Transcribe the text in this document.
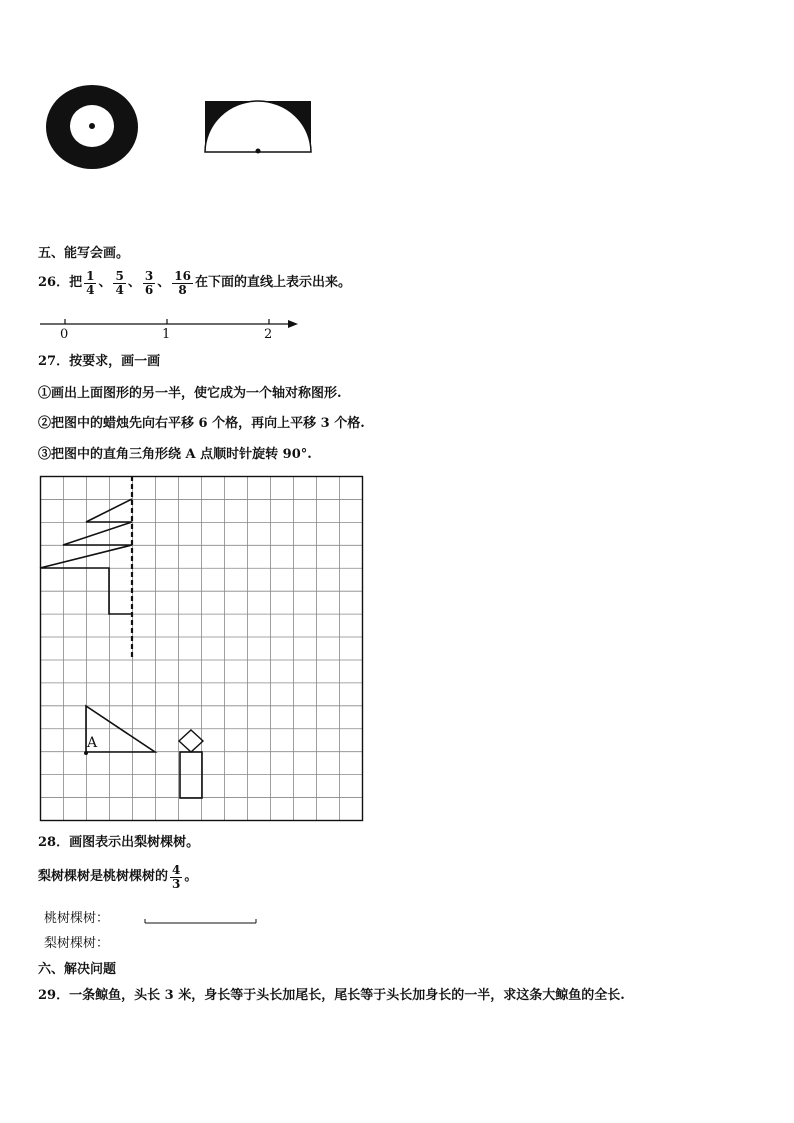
五、能写会画。
26． 把 $\frac{1}{4}$ 、 $\frac{5}{4}$ 、 $\frac{3}{6}$ 、 $\frac{16}{8}$ 在下面的直线上表示出来。
0	1	2
27．按要求，画一画
①画出上面图形的另一半，使它成为一个轴对称图形.
②把图中的蜡烛先向右平移 6 个格，再向上平移 3 个格.
③把图中的直角三角形绕 A 点顺时针旋转 90°.
A
28．画图表示出梨树棵树。
梨树棵树是桃树棵树的 $\frac{4}{3}$ 。
桃树棵树：
梨树棵树：
六、解决问题
29．一条鲸鱼，头长 3 米，身长等于头长加尾长，尾长等于头长加身长的一半，求这条大鲸鱼的全长.
